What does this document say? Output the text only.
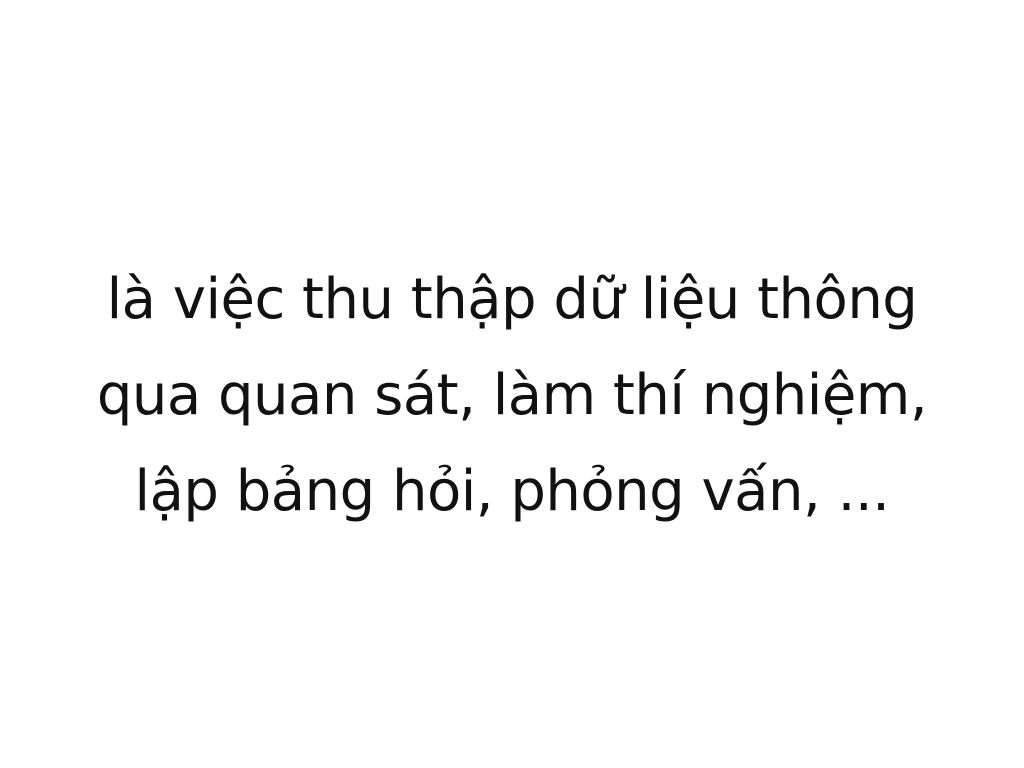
là việc thu thập dữ liệu thông
qua quan sát, làm thí nghiệm,
lập bảng hỏi, phỏng vấn, ...
